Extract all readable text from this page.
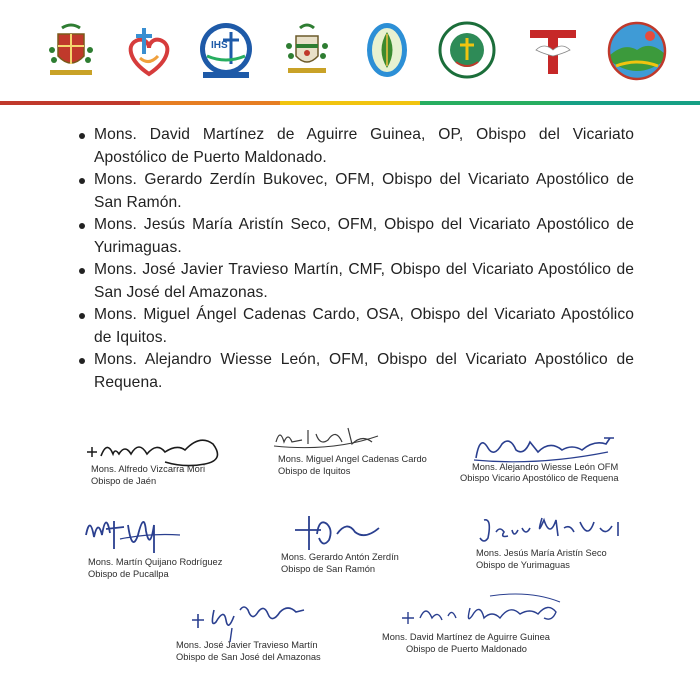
IHS
Mons. David Martínez de Aguirre Guinea, OP, Obispo del Vicariato Apostólico de Puerto Maldonado.
Mons. Gerardo Zerdín Bukovec, OFM, Obispo del Vicariato Apostólico de San Ramón.
Mons. Jesús María Aristín Seco, OFM, Obispo del Vicariato Apostólico de Yurimaguas.
Mons. José Javier Travieso Martín, CMF, Obispo del Vicariato Apostólico de San José del Amazonas.
Mons. Miguel Ángel Cadenas Cardo, OSA, Obispo del Vicariato Apostólico de Iquitos.
Mons. Alejandro Wiesse León, OFM, Obispo del Vicariato Apostólico de Requena.
Mons. Alfredo Vizcarra Mori
Obispo de Jaén
Mons. Miguel Angel Cadenas Cardo
Obispo de Iquitos	Mons. Alejandro Wiesse León OFM
Obispo Vicario Apostólico de Requena
Mons. Martín Quijano Rodríguez
Obispo de Pucallpa
Mons. Gerardo Antón Zerdín
Obispo de San Ramón
Mons. Jesús María Aristín Seco
Obispo de Yurimaguas
Mons. José Javier Travieso Martín
Obispo de San José del Amazonas
Mons. David Martínez de Aguirre Guinea
Obispo de Puerto Maldonado
